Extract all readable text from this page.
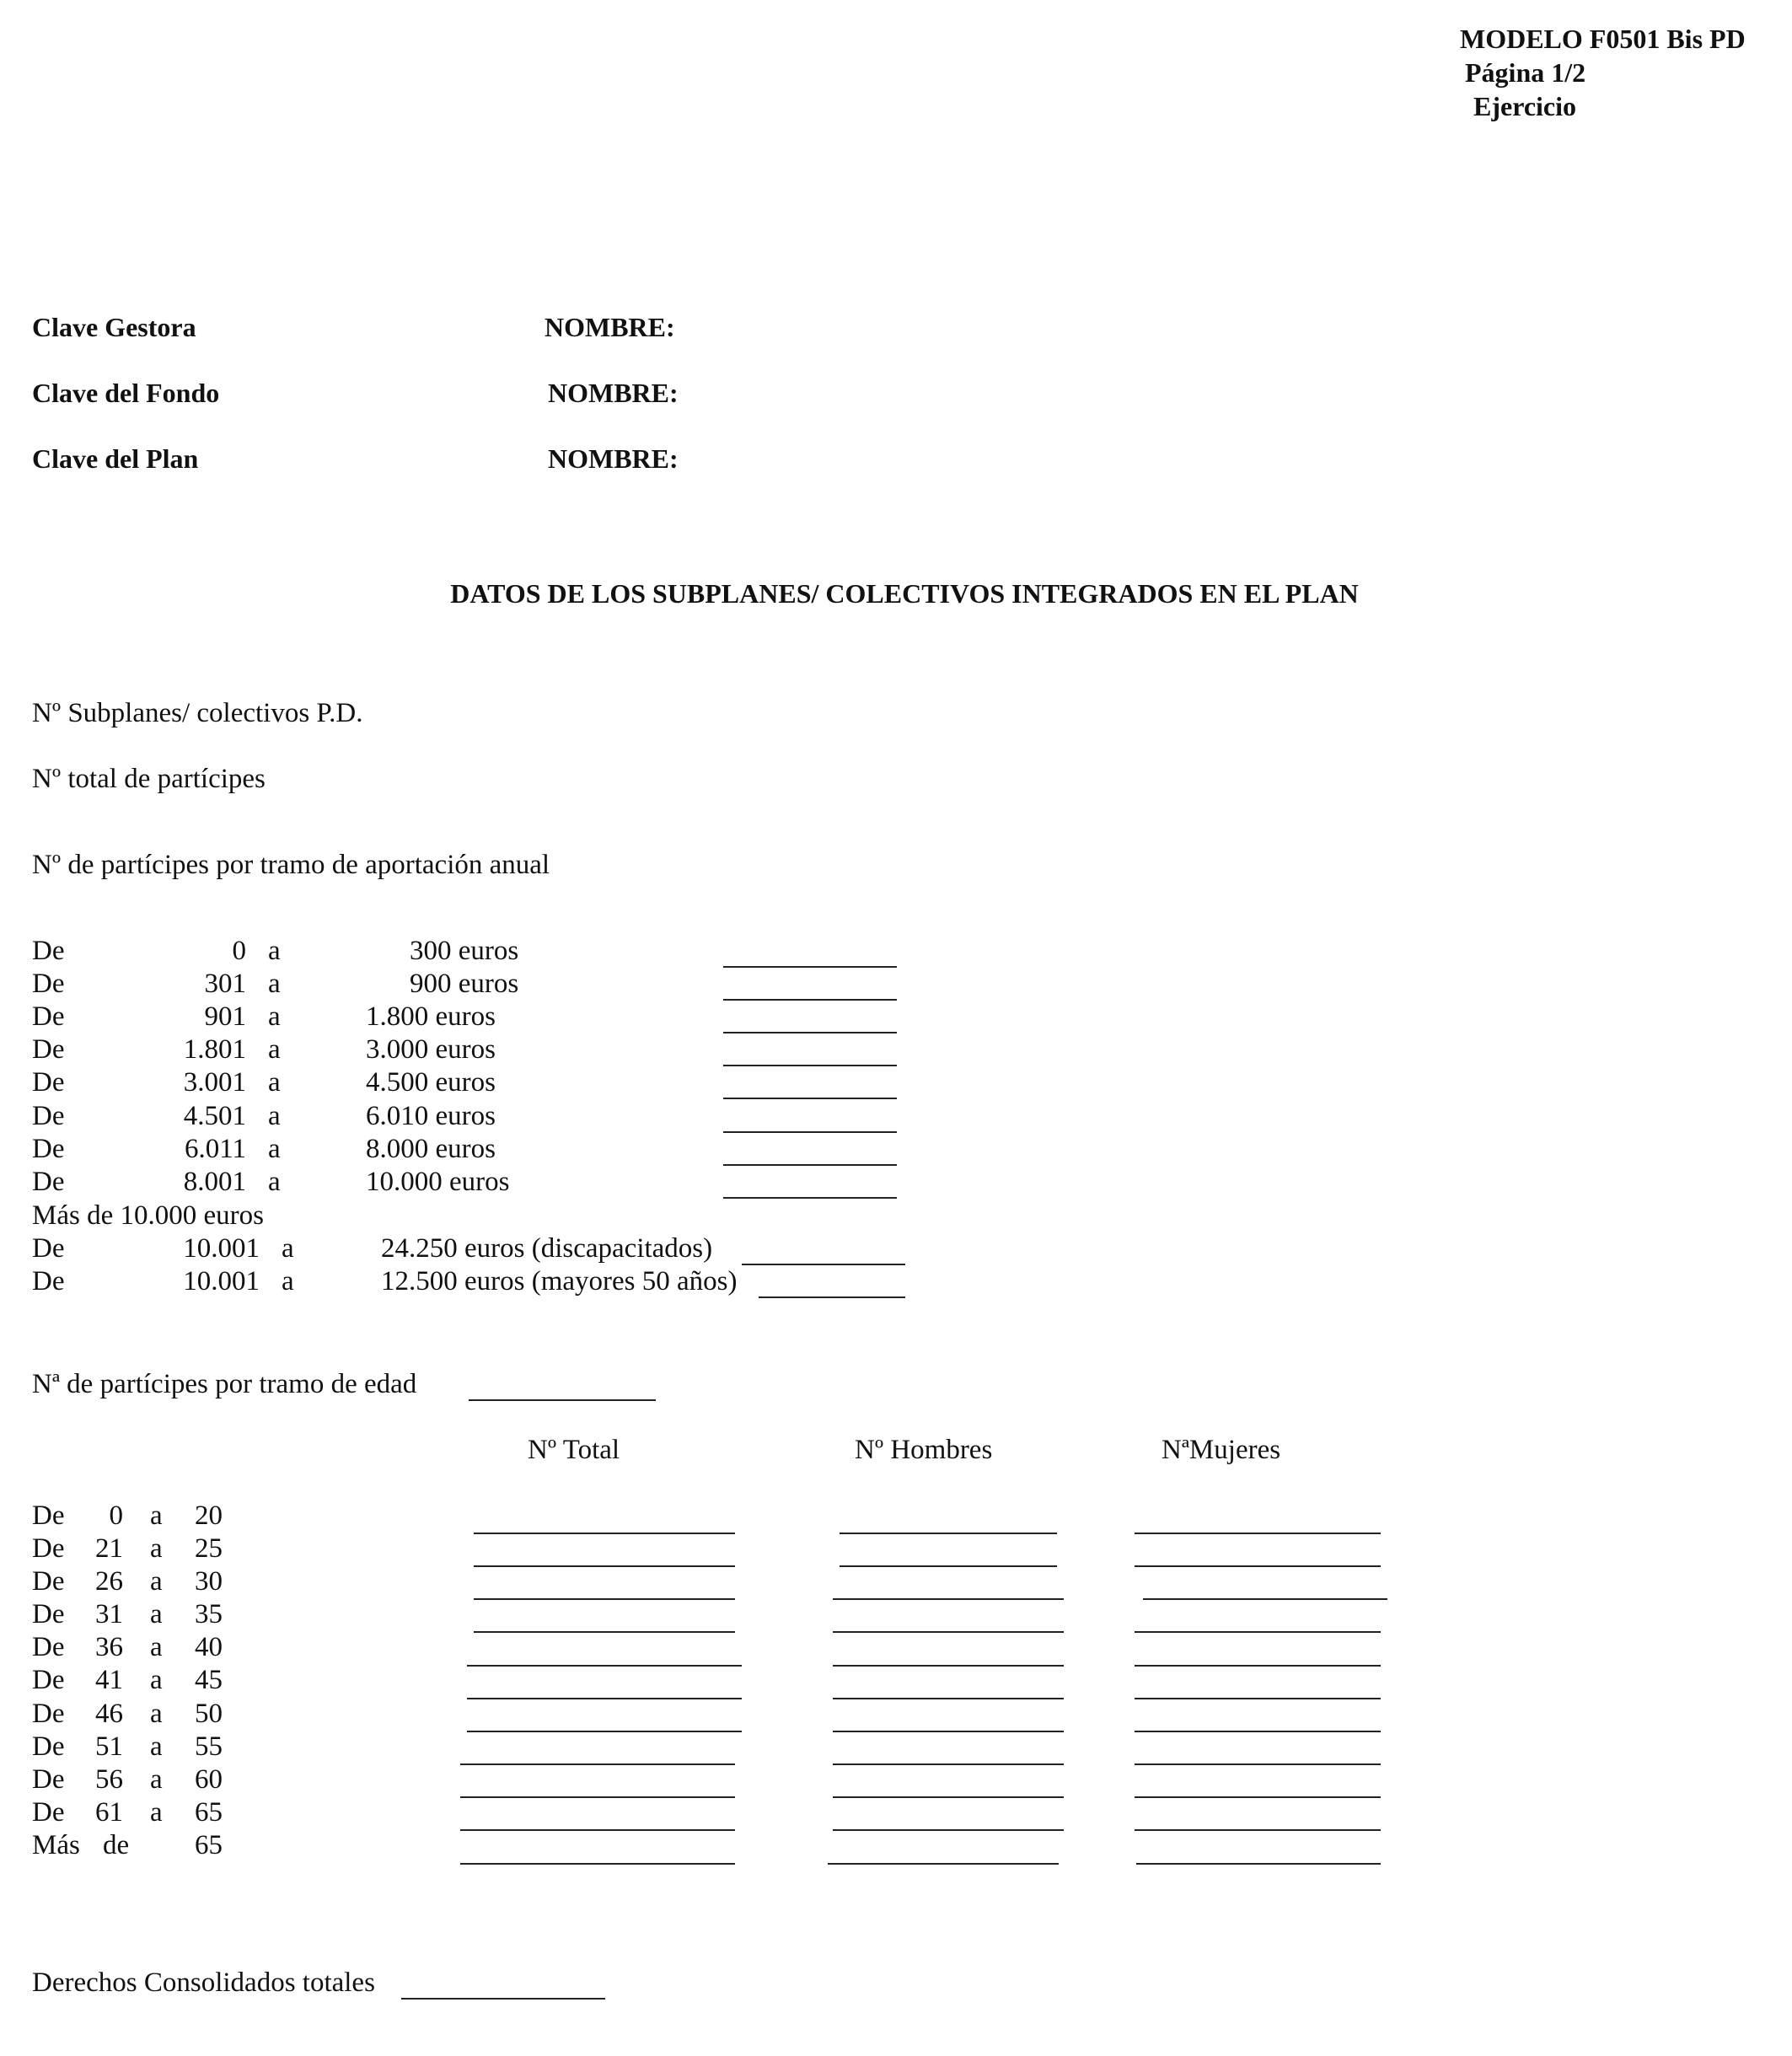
MODELO F0501 Bis PD
Página 1/2
Ejercicio
Clave Gestora	NOMBRE:
Clave del Fondo	NOMBRE:
Clave del Plan	NOMBRE:
DATOS DE LOS SUBPLANES/ COLECTIVOS INTEGRADOS EN EL PLAN
Nº Subplanes/ colectivos P.D.
Nº total de partícipes
Nº de partícipes por tramo de aportación anual
De	0 a	300 euros
De	301 a	900 euros
De	901 a	1.800 euros
De	1.801 a	3.000 euros
De	3.001 a	4.500 euros
De	4.501 a	6.010 euros
De	6.011 a	8.000 euros
De	8.001 a	10.000 euros
Más de 10.000 euros
De	10.001 a	24.250 euros (discapacitados)
De	10.001 a	12.500 euros (mayores 50 años)
Nª de partícipes por tramo de edad
Nº Total	Nº Hombres	NªMujeres
De	0 a	20
De	21 a	25
De	26 a	30
De	31 a	35
De	36 a	40
De	41 a	45
De	46 a	50
De	51 a	55
De	56 a	60
De	61 a	65
Más de	65
Derechos Consolidados totales
